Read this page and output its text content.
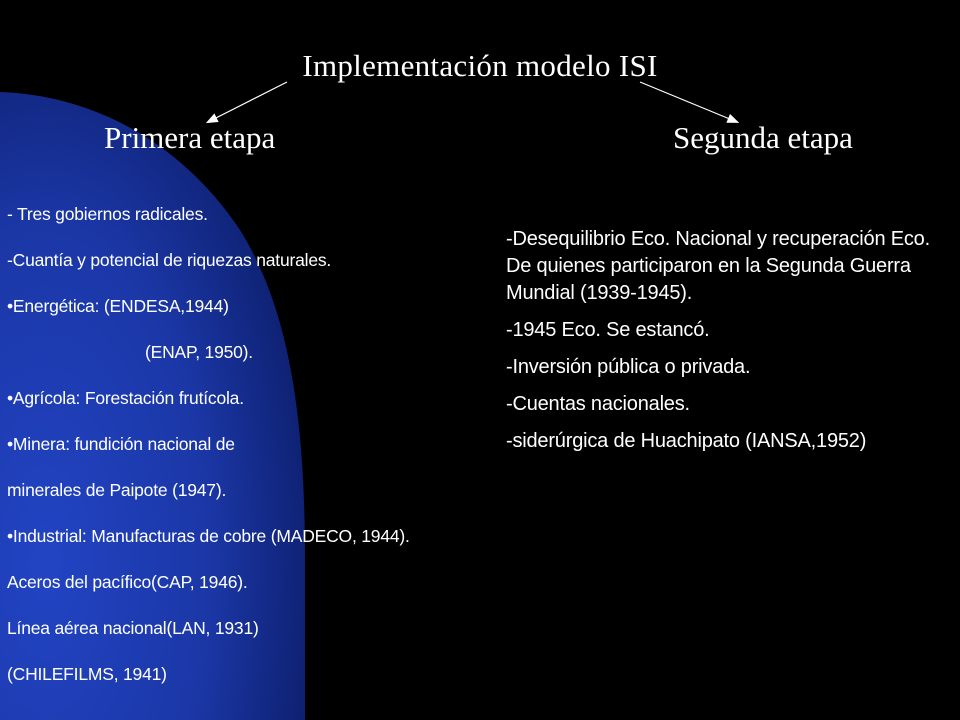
Implementación modelo ISI
Primera etapa	Segunda etapa
- Tres gobiernos radicales.
-Cuantía y potencial de riquezas naturales.
•Energética: (ENDESA,1944)
(ENAP, 1950).
•Agrícola: Forestación frutícola.
•Minera: fundición nacional de
minerales de Paipote (1947).
•Industrial: Manufacturas de cobre (MADECO, 1944).
Aceros del pacífico(CAP, 1946).
Línea aérea nacional(LAN, 1931)
(CHILEFILMS, 1941)
-Desequilibrio Eco. Nacional y recuperación Eco. De quienes participaron en la Segunda Guerra Mundial (1939-1945).
-1945 Eco. Se estancó.
-Inversión pública o privada.
-Cuentas nacionales.
-siderúrgica de Huachipato (IANSA,1952)
